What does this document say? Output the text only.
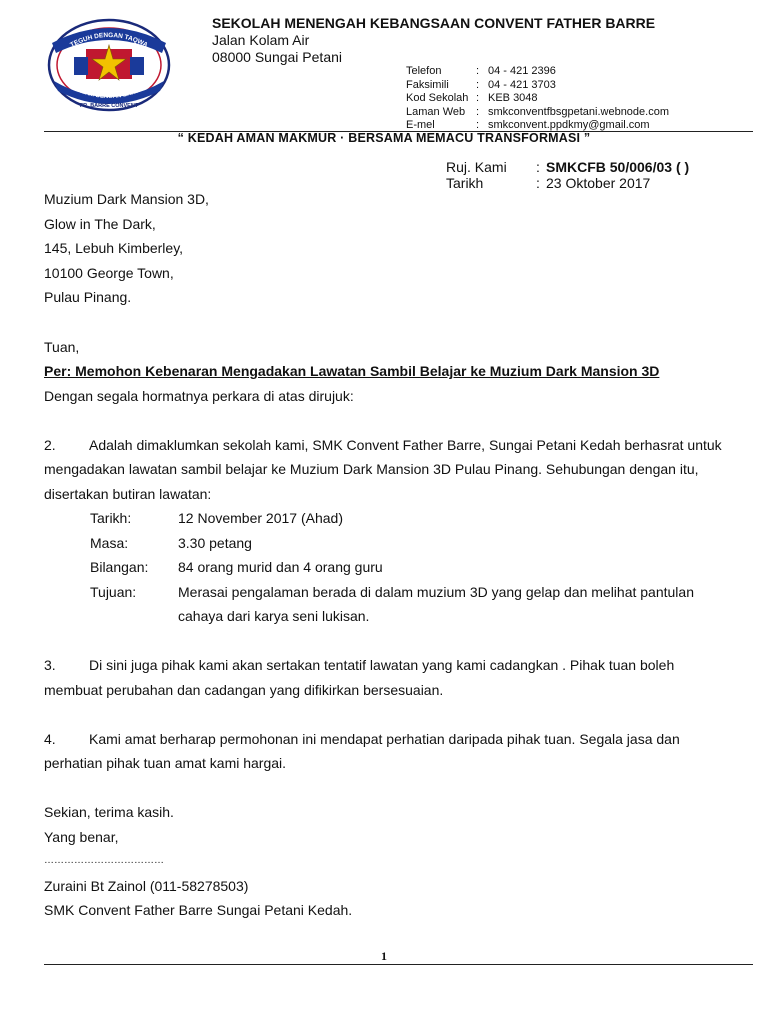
TEGUH DENGAN TAQWA
ALAM DENGAN BAKTI
FR. BARRE CONVENT
SEKOLAH MENENGAH KEBANGSAAN CONVENT FATHER BARRE
Jalan Kolam Air
08000 Sungai Petani
Telefon	: 04 - 421 2396
Faksimili	: 04 - 421 3703
Kod Sekolah : KEB 3048
Laman Web : smkconventfbsgpetani.webnode.com
E-mel	: smkconvent.ppdkmy@gmail.com
“ KEDAH AMAN MAKMUR · BERSAMA MEMACU TRANSFORMASI ”
Ruj. Kami	: SMKCFB 50/006/03 ( )
Tarikh	: 23 Oktober 2017
Muzium Dark Mansion 3D,
Glow in The Dark,
145, Lebuh Kimberley,
10100 George Town,
Pulau Pinang.
Tuan,
Per: Memohon Kebenaran Mengadakan Lawatan Sambil Belajar ke Muzium Dark Mansion 3D
Dengan segala hormatnya perkara di atas dirujuk:
2. Adalah dimaklumkan sekolah kami, SMK Convent Father Barre, Sungai Petani Kedah berhasrat untuk
mengadakan lawatan sambil belajar ke Muzium Dark Mansion 3D Pulau Pinang. Sehubungan dengan itu,
disertakan butiran lawatan:
Tarikh:	12 November 2017 (Ahad)
Masa:	3.30 petang
Bilangan:	84 orang murid dan 4 orang guru
Tujuan:	Merasai pengalaman berada di dalam muzium 3D yang gelap dan melihat pantulan
cahaya dari karya seni lukisan.
3. Di sini juga pihak kami akan sertakan tentatif lawatan yang kami cadangkan . Pihak tuan boleh
membuat perubahan dan cadangan yang difikirkan bersesuaian.
4. Kami amat berharap permohonan ini mendapat perhatian daripada pihak tuan. Segala jasa dan
perhatian pihak tuan amat kami hargai.
Sekian, terima kasih.
Yang benar,
………………………………
Zuraini Bt Zainol (011-58278503)
SMK Convent Father Barre Sungai Petani Kedah.
1
